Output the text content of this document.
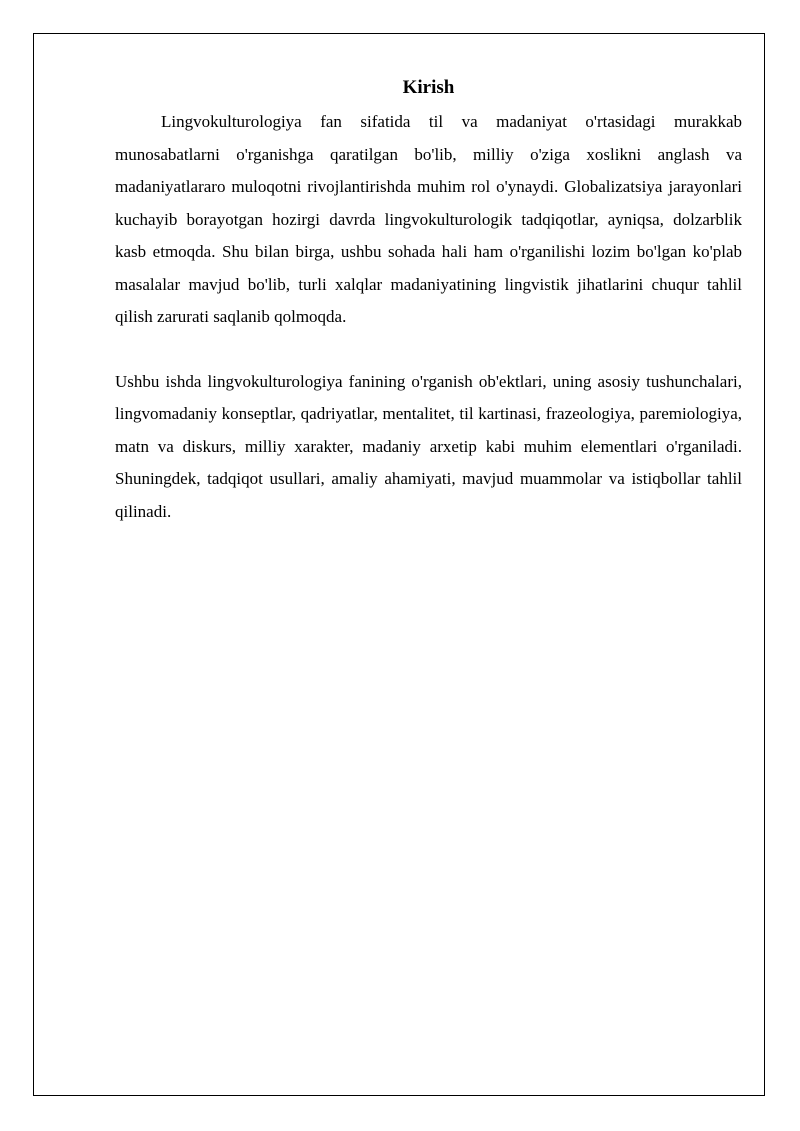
Kirish

Lingvokulturologiya fan sifatida til va madaniyat o'rtasidagi murakkab munosabatlarni o'rganishga qaratilgan bo'lib, milliy o'ziga xoslikni anglash va madaniyatlararo muloqotni rivojlantirishda muhim rol o'ynaydi. Globalizatsiya jarayonlari kuchayib borayotgan hozirgi davrda lingvokulturologik tadqiqotlar, ayniqsa, dolzarblik kasb etmoqda. Shu bilan birga, ushbu sohada hali ham o'rganilishi lozim bo'lgan ko'plab masalalar mavjud bo'lib, turli xalqlar madaniyatining lingvistik jihatlarini chuqur tahlil qilish zarurati saqlanib qolmoqda.

Ushbu ishda lingvokulturologiya fanining o'rganish ob'ektlari, uning asosiy tushunchalari, lingvomadaniy konseptlar, qadriyatlar, mentalitet, til kartinasi, frazeologiya, paremiologiya, matn va diskurs, milliy xarakter, madaniy arxetip kabi muhim elementlari o'rganiladi. Shuningdek, tadqiqot usullari, amaliy ahamiyati, mavjud muammolar va istiqbollar tahlil qilinadi.
